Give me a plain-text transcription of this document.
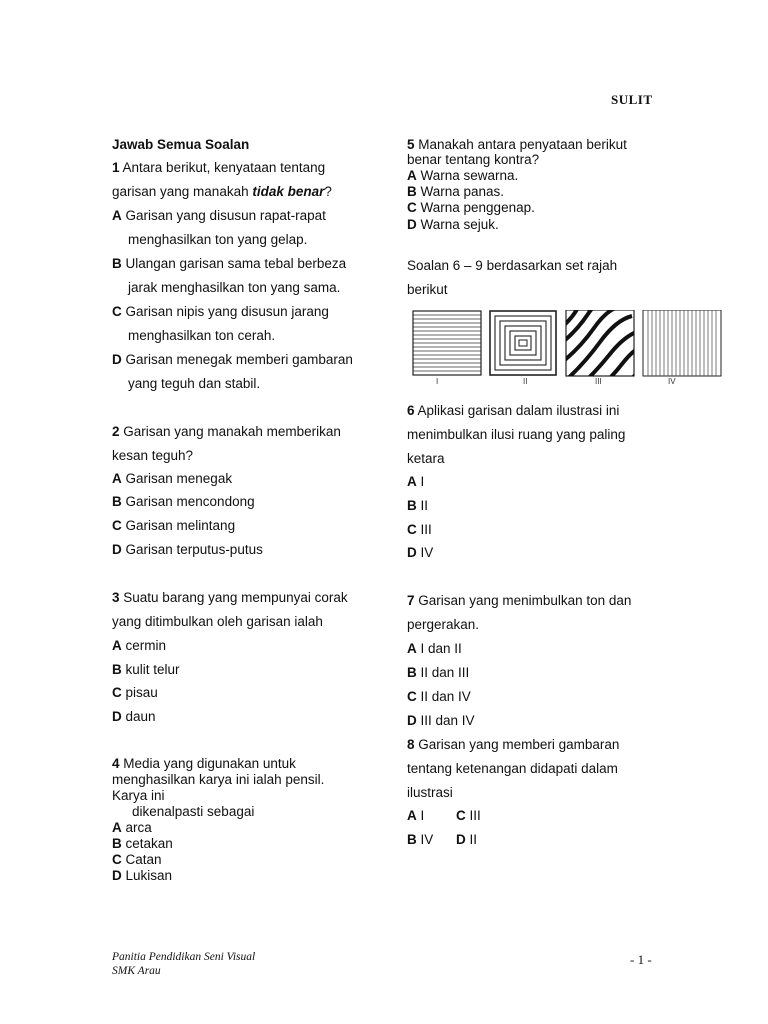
SULIT
Jawab Semua Soalan
1 Antara berikut, kenyataan tentang
garisan yang manakah tidak benar?
A Garisan yang disusun rapat-rapat
menghasilkan ton yang gelap.
B Ulangan garisan sama tebal berbeza
jarak menghasilkan ton yang sama.
C Garisan nipis yang disusun jarang
menghasilkan ton cerah.
D Garisan menegak memberi gambaran
yang teguh dan stabil.
2 Garisan yang manakah memberikan
kesan teguh?
A Garisan menegak
B Garisan mencondong
C Garisan melintang
D Garisan terputus-putus
3 Suatu barang yang mempunyai corak
yang ditimbulkan oleh garisan ialah
A cermin
B kulit telur
C pisau
D daun
4 Media yang digunakan untuk
menghasilkan karya ini ialah pensil.
Karya ini
dikenalpasti sebagai
A arca
B cetakan
C Catan
D Lukisan
5 Manakah antara penyataan berikut
benar tentang kontra?
A Warna sewarna.
B Warna panas.
C Warna penggenap.
D Warna sejuk.
Soalan 6 – 9 berdasarkan set rajah
berikut
I	II	III	IV
6 Aplikasi garisan dalam ilustrasi ini
menimbulkan ilusi ruang yang paling
ketara
A I
B II
C III
D IV
7 Garisan yang menimbulkan ton dan
pergerakan.
A I dan II
B II dan III
C II dan IV
D III dan IV
8 Garisan yang memberi gambaran
tentang ketenangan didapati dalam
ilustrasi
A I C III
B IV D II
Panitia Pendidikan Seni Visual
SMK Arau
- 1 -
